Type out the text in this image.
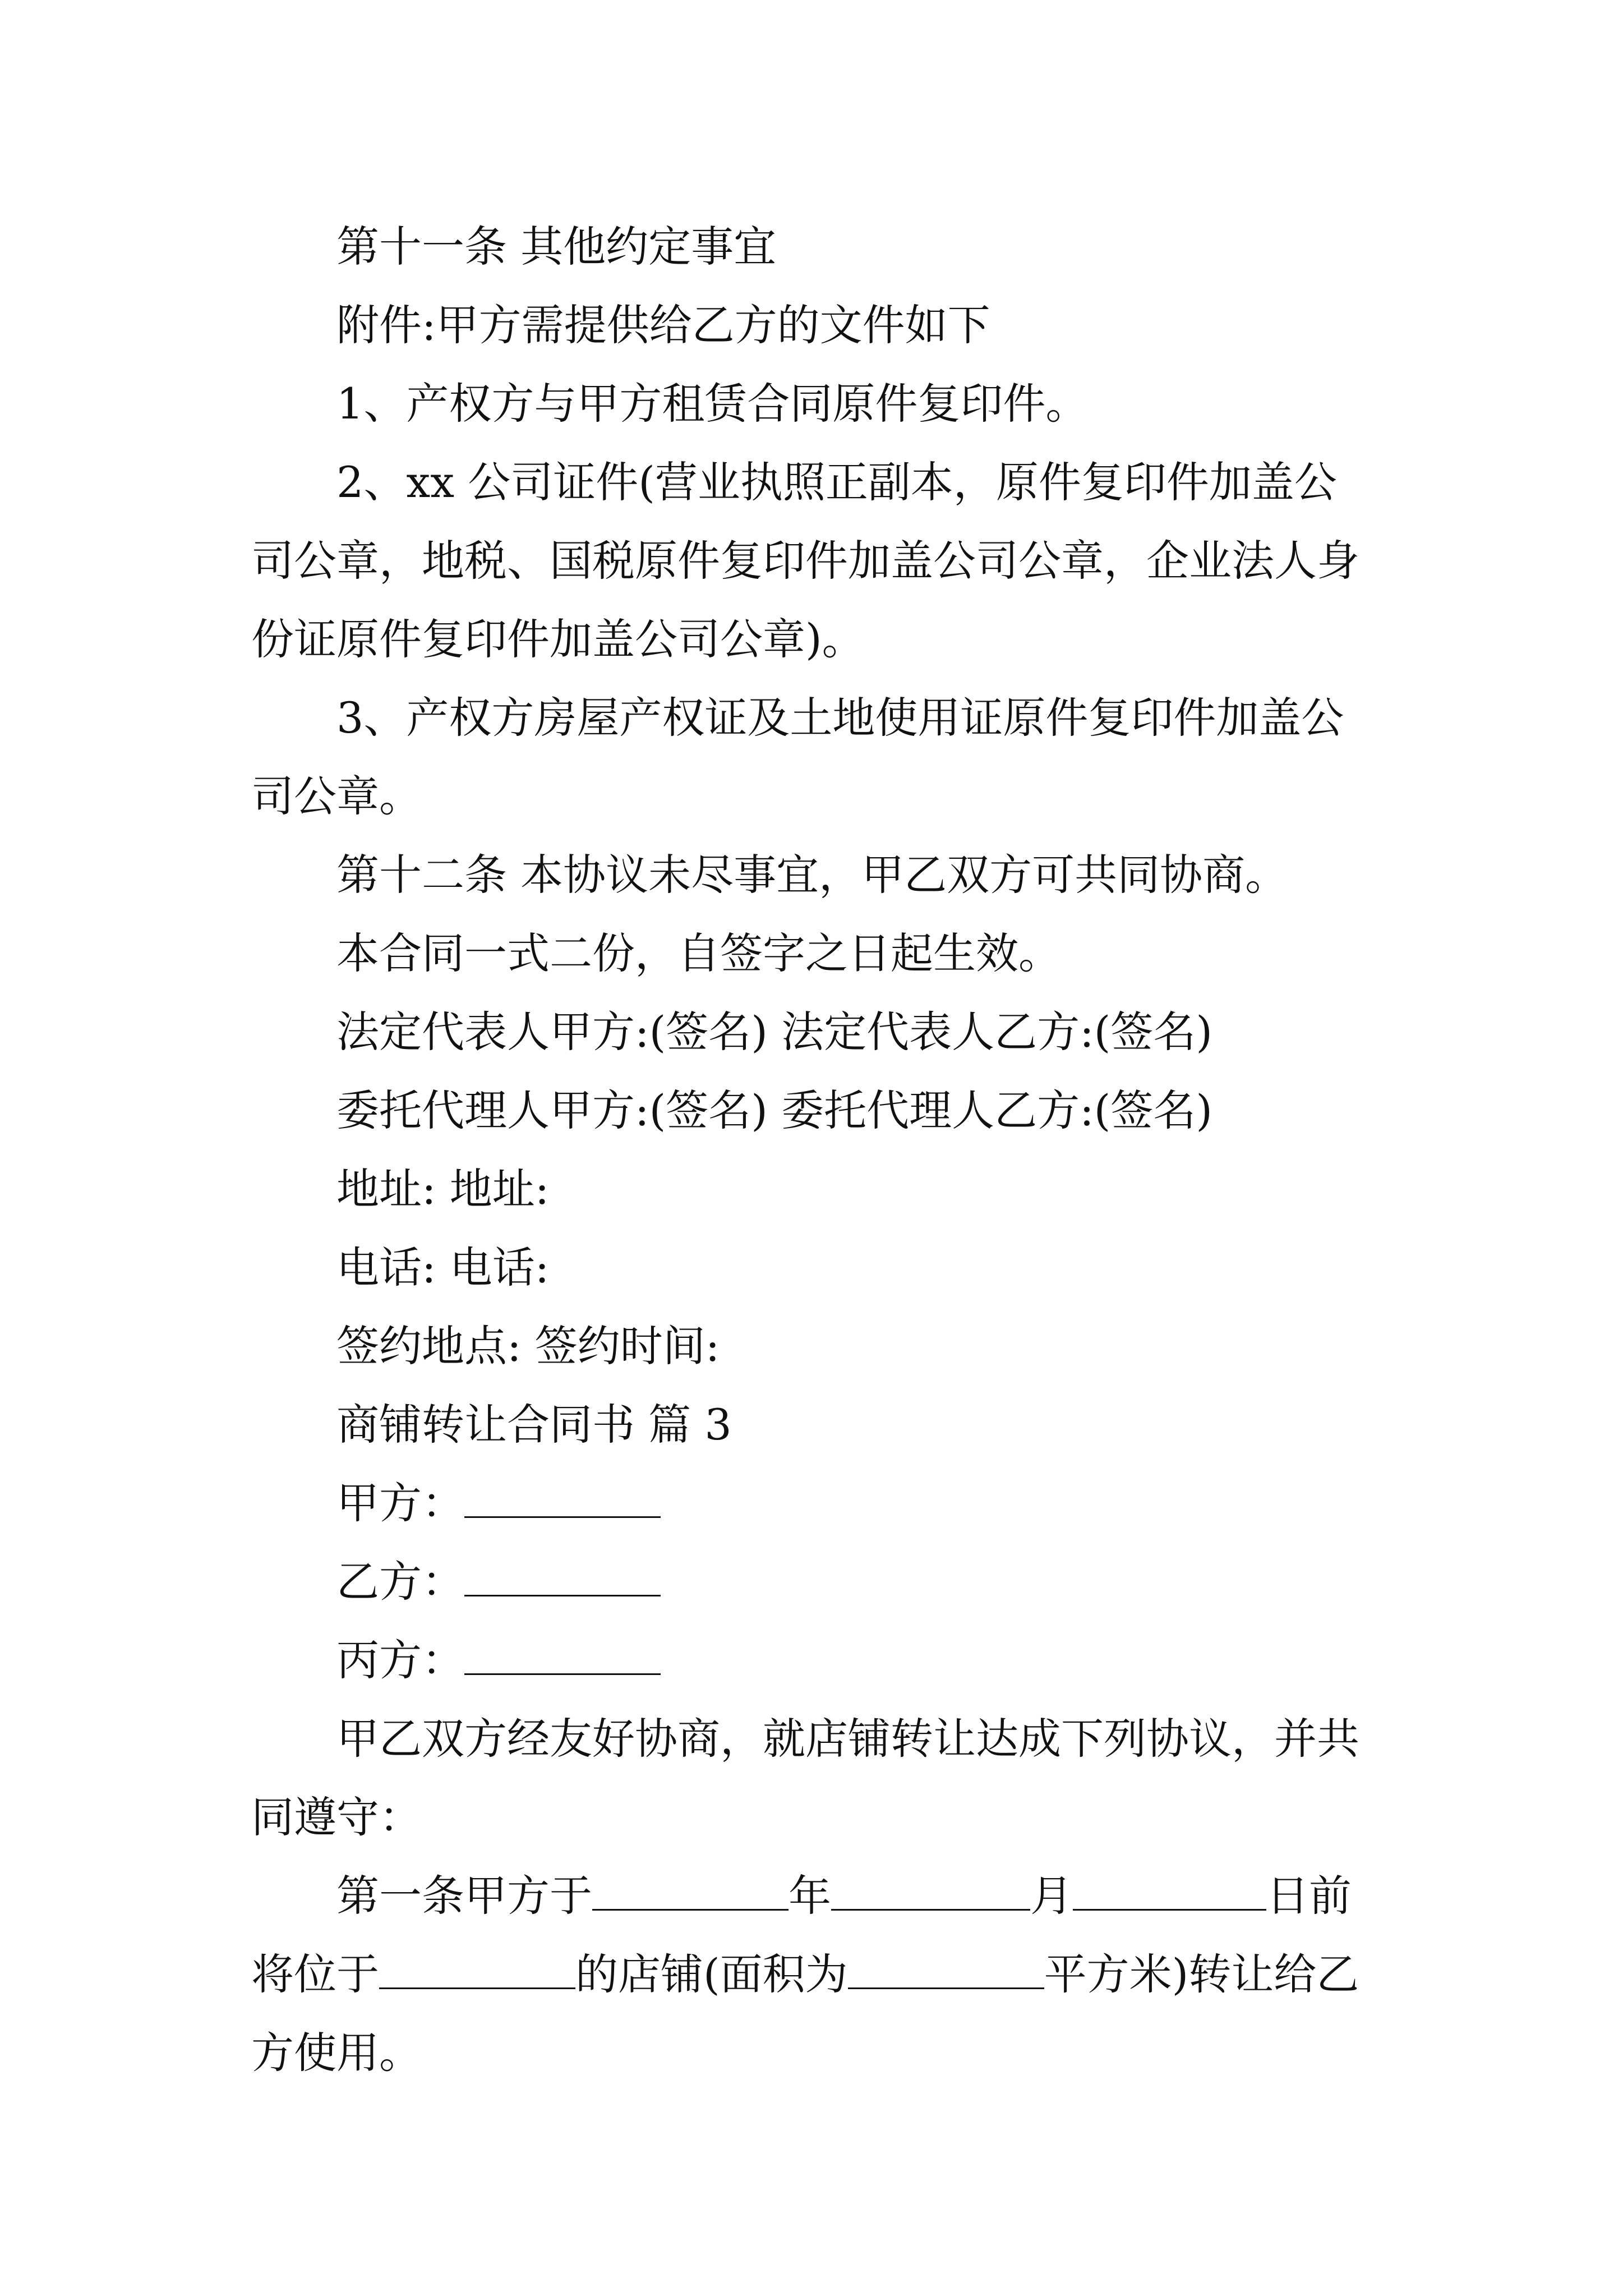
第十一条 其他约定事宜

附件:甲方需提供给乙方的文件如下

1、产权方与甲方租赁合同原件复印件。

2、xx 公司证件(营业执照正副本，原件复印件加盖公司公章，地税、国税原件复印件加盖公司公章，企业法人身份证原件复印件加盖公司公章)。

3、产权方房屋产权证及土地使用证原件复印件加盖公司公章。

第十二条 本协议未尽事宜，甲乙双方可共同协商。

本合同一式二份，自签字之日起生效。

法定代表人甲方:(签名) 法定代表人乙方:(签名)

委托代理人甲方:(签名) 委托代理人乙方:(签名)

地址: 地址:

电话: 电话:

签约地点: 签约时间:

商铺转让合同书 篇 3

甲方：

乙方：

丙方：

甲乙双方经友好协商，就店铺转让达成下列协议，并共同遵守：

第一条甲方于	年	月	日前将位于	的店铺(面积为	平方米)转让给乙方使用。
